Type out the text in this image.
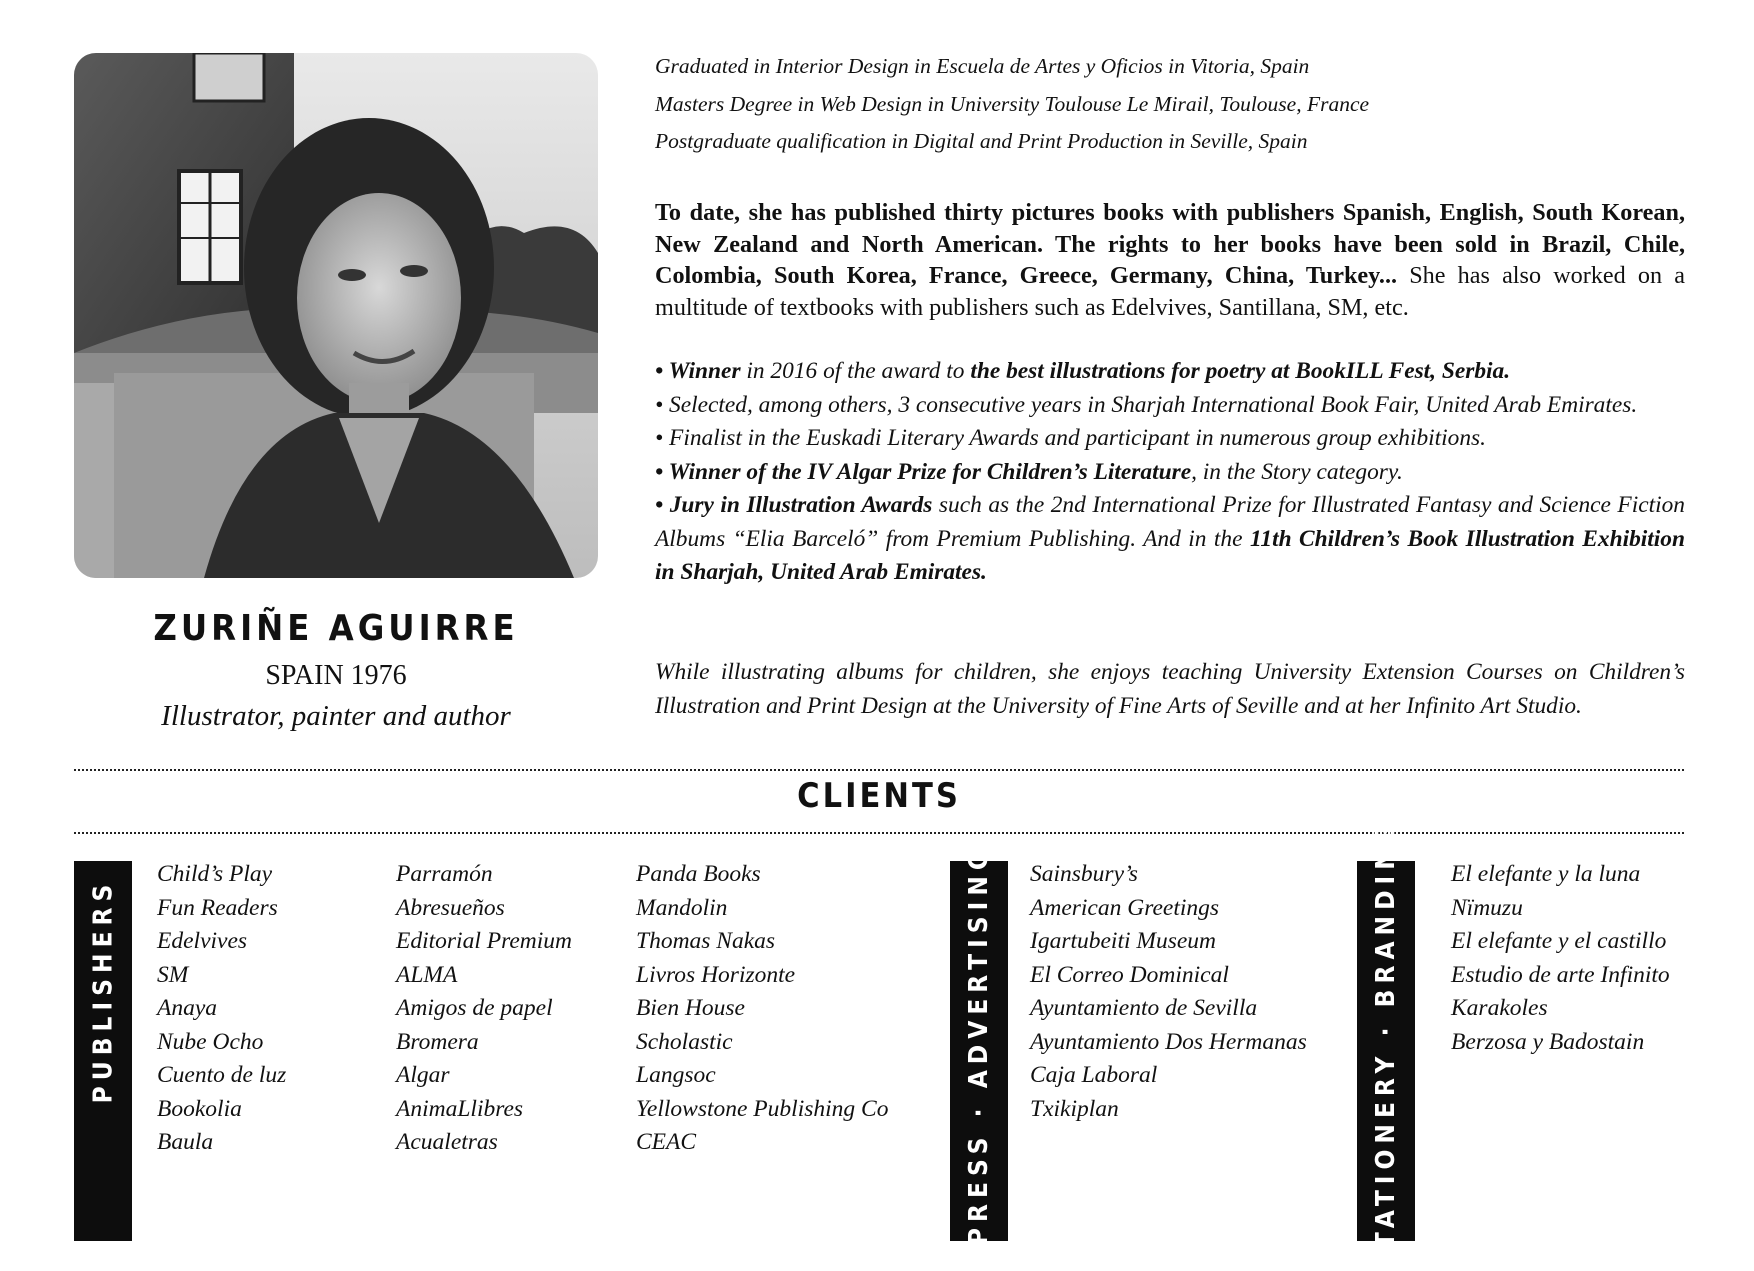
ZURIÑE AGUIRRE
SPAIN 1976
Illustrator, painter and author
Graduated in Interior Design in Escuela de Artes y Oficios in Vitoria, Spain
Masters Degree in Web Design in University Toulouse Le Mirail, Toulouse, France
Postgraduate qualification in Digital and Print Production in Seville, Spain
To date, she has published thirty pictures books with publishers Spanish, English, South Korean, New Zealand and North American. The rights to her books have been sold in Brazil, Chile, Colombia, South Korea, France, Greece, Germany, China, Turkey... She has also worked on a multitude of textbooks with publishers such as Edelvives, Santillana, SM, etc.
• Winner in 2016 of the award to the best illustrations for poetry at BookILL Fest, Serbia.
• Selected, among others, 3 consecutive years in Sharjah International Book Fair, United Arab Emirates.
• Finalist in the Euskadi Literary Awards and participant in numerous group exhibitions.
• Winner of the IV Algar Prize for Children’s Literature, in the Story category.
• Jury in Illustration Awards such as the 2nd International Prize for Illustrated Fantasy and Science Fiction Albums “Elia Barceló” from Premium Publishing. And in the 11th Children’s Book Illustration Exhibition in Sharjah, United Arab Emirates.
While illustrating albums for children, she enjoys teaching University Extension Courses on Children’s Illustration and Print Design at the University of Fine Arts of Seville and at her Infinito Art Studio.
CLIENTS
PUBLISHERS	PRESS · ADVERTISING	STATIONERY · BRANDING
Child’s Play
Fun Readers
Edelvives
SM
Anaya
Nube Ocho
Cuento de luz
Bookolia
Baula
Parramón
Abresueños
Editorial Premium
ALMA
Amigos de papel
Bromera
Algar
AnimaLlibres
Acualetras
Panda Books
Mandolin
Thomas Nakas
Livros Horizonte
Bien House
Scholastic
Langsoc
Yellowstone Publishing Co
CEAC
Sainsbury’s
American Greetings
Igartubeiti Museum
El Correo Dominical
Ayuntamiento de Sevilla
Ayuntamiento Dos Hermanas
Caja Laboral
Txikiplan
El elefante y la luna
Nïmuzu
El elefante y el castillo
Estudio de arte Infinito
Karakoles
Berzosa y Badostain
